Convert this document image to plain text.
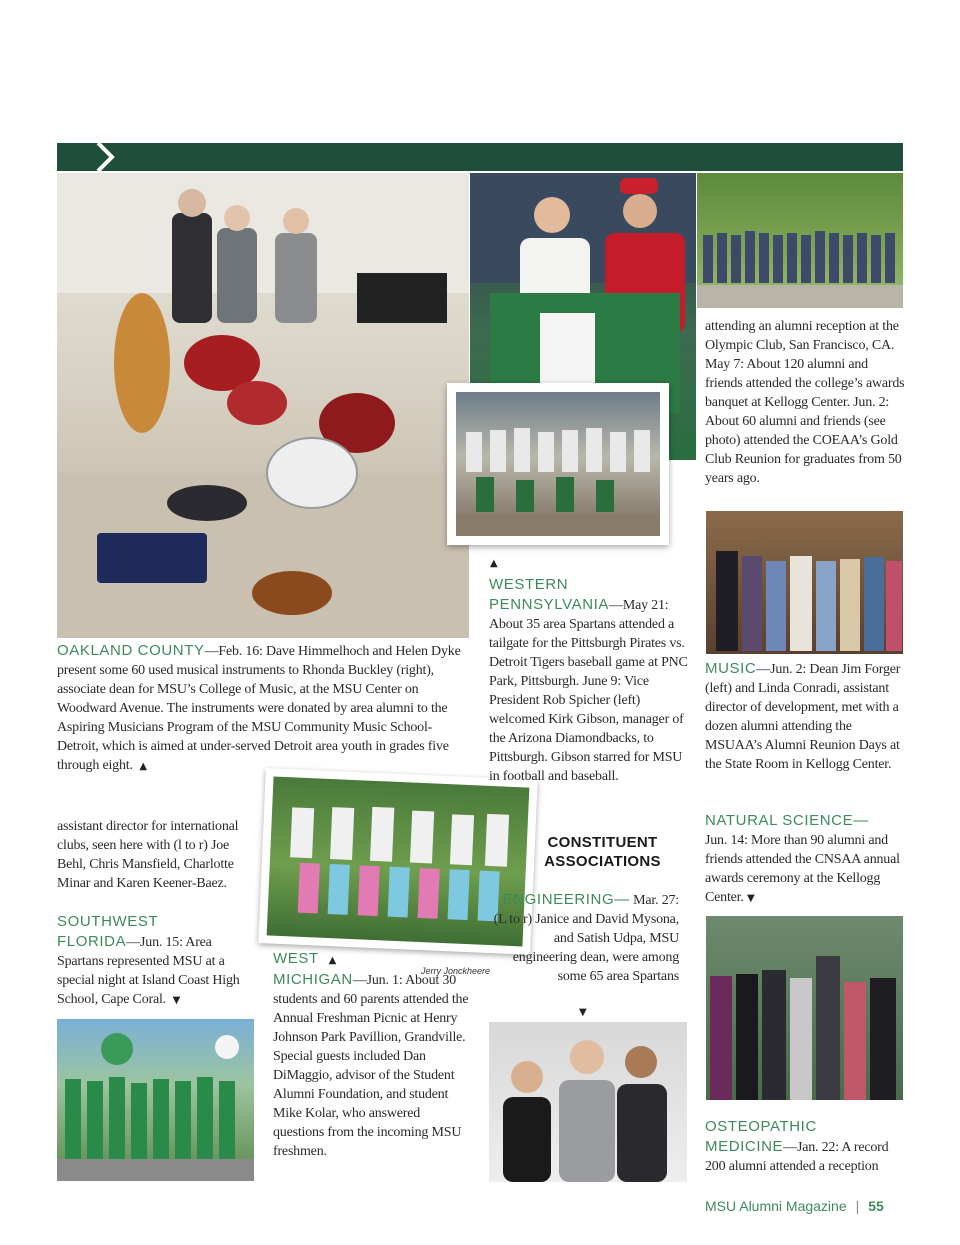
OAKLAND COUNTY—Feb. 16: Dave Himmelhoch and Helen Dyke present some 60 used musical instruments to Rhonda Buckley (right), associate dean for MSU’s College of Music, at the MSU Center on Woodward Avenue. The instruments were donated by area alumni to the Aspiring Musicians Program of the MSU Community Music School-Detroit, which is aimed at under-served Detroit area youth in grades five through eight. ▲
assistant director for international clubs, seen here with (l to r) Joe Behl, Chris Mansfield, Charlotte Minar and Karen Keener-Baez.
SOUTHWEST
FLORIDA—Jun. 15: Area Spartans represented MSU at a special night at Island Coast High School, Cape Coral. ▼
▲
WESTERN
PENNSYLVANIA—May 21: About 35 area Spartans attended a tailgate for the Pittsburgh Pirates vs. Detroit Tigers baseball game at PNC Park, Pittsburgh. June 9: Vice President Rob Spicher (left) welcomed Kirk Gibson, manager of the Arizona Diamondbacks, to Pittsburgh. Gibson starred for MSU in football and baseball.
WEST ▲
MICHIGAN—Jun. 1: About 30 students and 60 parents attended the Annual Freshman Picnic at Henry Johnson Park Pavillion, Grandville. Special guests included Dan DiMaggio, advisor of the Student Alumni Foundation, and student Mike Kolar, who answered questions from the incoming MSU freshmen.
Jerry Jonckheere
CONSTITUENT
ASSOCIATIONS
ENGINEERING— Mar. 27: (L to r) Janice and David Mysona, and Satish Udpa, MSU engineering dean, were among some 65 area Spartans
▼
attending an alumni reception at the Olympic Club, San Francisco, CA. May 7: About 120 alumni and friends attended the college’s awards banquet at Kellogg Center. Jun. 2: About 60 alumni and friends (see photo) attended the COEAA’s Gold Club Reunion for graduates from 50 years ago.
MUSIC—Jun. 2: Dean Jim Forger (left) and Linda Conradi, assistant director of development, met with a dozen alumni attending the MSUAA’s Alumni Reunion Days at the State Room in Kellogg Center.
NATURAL SCIENCE—
Jun. 14: More than 90 alumni and friends attended the CNSAA annual awards ceremony at the Kellogg Center. ▼
OSTEOPATHIC
MEDICINE—Jan. 22: A record 200 alumni attended a reception
MSU Alumni Magazine | 55
